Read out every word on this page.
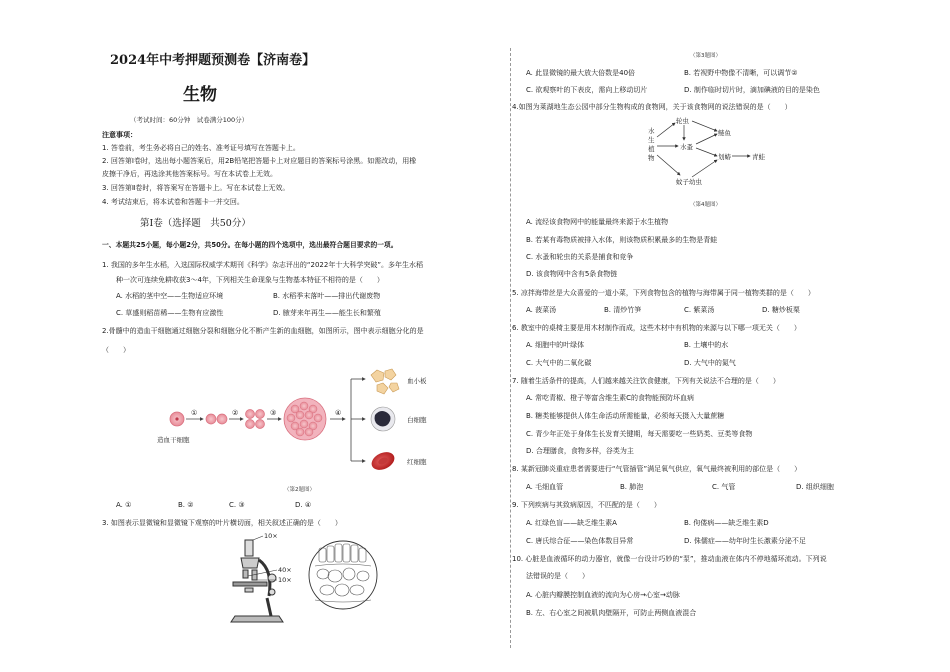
2024年中考押题预测卷【济南卷】
生物
（考试时间：60分钟　试卷满分100分）
注意事项：
1. 答卷前，考生务必将自己的姓名、准考证号填写在答题卡上。
2. 回答第Ⅰ卷时，选出每小题答案后，用2B铅笔把答题卡上对应题目的答案标号涂黑。如需改动，用橡
皮擦干净后，再选涂其他答案标号。写在本试卷上无效。
3. 回答第Ⅱ卷时，将答案写在答题卡上。写在本试卷上无效。
4. 考试结束后，将本试卷和答题卡一并交回。
第Ⅰ卷（选择题　共50分）
一、本题共25小题，每小题2分，共50分。在每小题的四个选项中，选出最符合题目要求的一项。
1. 我国的多年生水稻，入选国际权威学术期刊《科学》杂志评出的“2022年十大科学突破”。多年生水稻
种一次可连续免耕收获3～4年，下列相关生命现象与生物基本特征不相符的是（　　）
A. 水稻的茎中空——生物适应环境	B. 水稻季末落叶——排出代谢废物
C. 草盛则稻苗稀——生物有应激性	D. 腋芽来年再生——能生长和繁殖
2.骨髓中的造血干细胞通过细胞分裂和细胞分化不断产生新的血细胞，如图所示，图中表示细胞分化的是
（　　）
①	②	③	④
血小板
白细胞
红细胞
造血干细胞
（第2题图）
A. ①	B. ②	C. ③	D. ④
3. 如图表示显微镜和显微镜下观察的叶片横切面，相关叙述正确的是（　　）
10×
40×
10×
（第3题图）
A. 此显微镜的最大放大倍数是40倍	B. 若视野中物像不清晰，可以调节②
C. 欲观察叶的下表皮，需向上移动切片	D. 制作临时切片时，滴加碘液的目的是染色
4.如图为莱湖地生态公园中部分生物构成的食物网，关于该食物网的说法错误的是（　　）
水
生
植
物
轮虫
水蚤
鲢鱼
划蝽	青蛙
蚊子幼虫
（第4题图）
A. 流经该食物网中的能量最终来源于水生植物
B. 若某有毒物质被排入水体，则该物质积累最多的生物是青蛙
C. 水蚤和轮虫的关系是捕食和竞争
D. 该食物网中含有5条食物链
5. 凉拌海带丝是大众喜爱的一道小菜，下列食物包含的植物与海带属于同一植物类群的是（　　）
A. 菠菜汤	B. 清炒竹笋	C. 紫菜汤	D. 糖炒板栗
6. 教室中的桌椅主要是用木材制作而成，这些木材中有机物的来源与以下哪一项无关（　　）
A. 细胞中的叶绿体	B. 土壤中的水
C. 大气中的二氧化碳	D. 大气中的氮气
7. 随着生活条件的提高，人们越来越关注饮食健康，下列有关说法不合理的是（　　）
A. 常吃青椒、橙子等富含维生素C的食物能预防坏血病
B. 糖类能够提供人体生命活动所需能量，必须每天摄入大量蔗糖
C. 青少年正处于身体生长发育关键期，每天需要吃一些奶类、豆类等食物
D. 合理膳食，食物多样，谷类为主
8. 某新冠肺炎重症患者需要进行“气管插管”满足氧气供应，氧气最终被利用的部位是（　　）
A. 毛细血管	B. 肺泡	C. 气管	D. 组织细胞
9. 下列疾病与其致病原因，不匹配的是（　　）
A. 红绿色盲——缺乏维生素A	B. 佝偻病——缺乏维生素D
C. 唐氏综合征——染色体数目异常	D. 侏儒症——幼年时生长激素分泌不足
10. 心脏是血液循环的动力器官，就像一台设计巧妙的“泵”，推动血液在体内不停地循环流动。下列说
法错误的是（　　）
A. 心脏内瓣膜控制血液的流向为心房→心室→动脉
B. 左、右心室之间被肌肉壁隔开，可防止两侧血液混合
